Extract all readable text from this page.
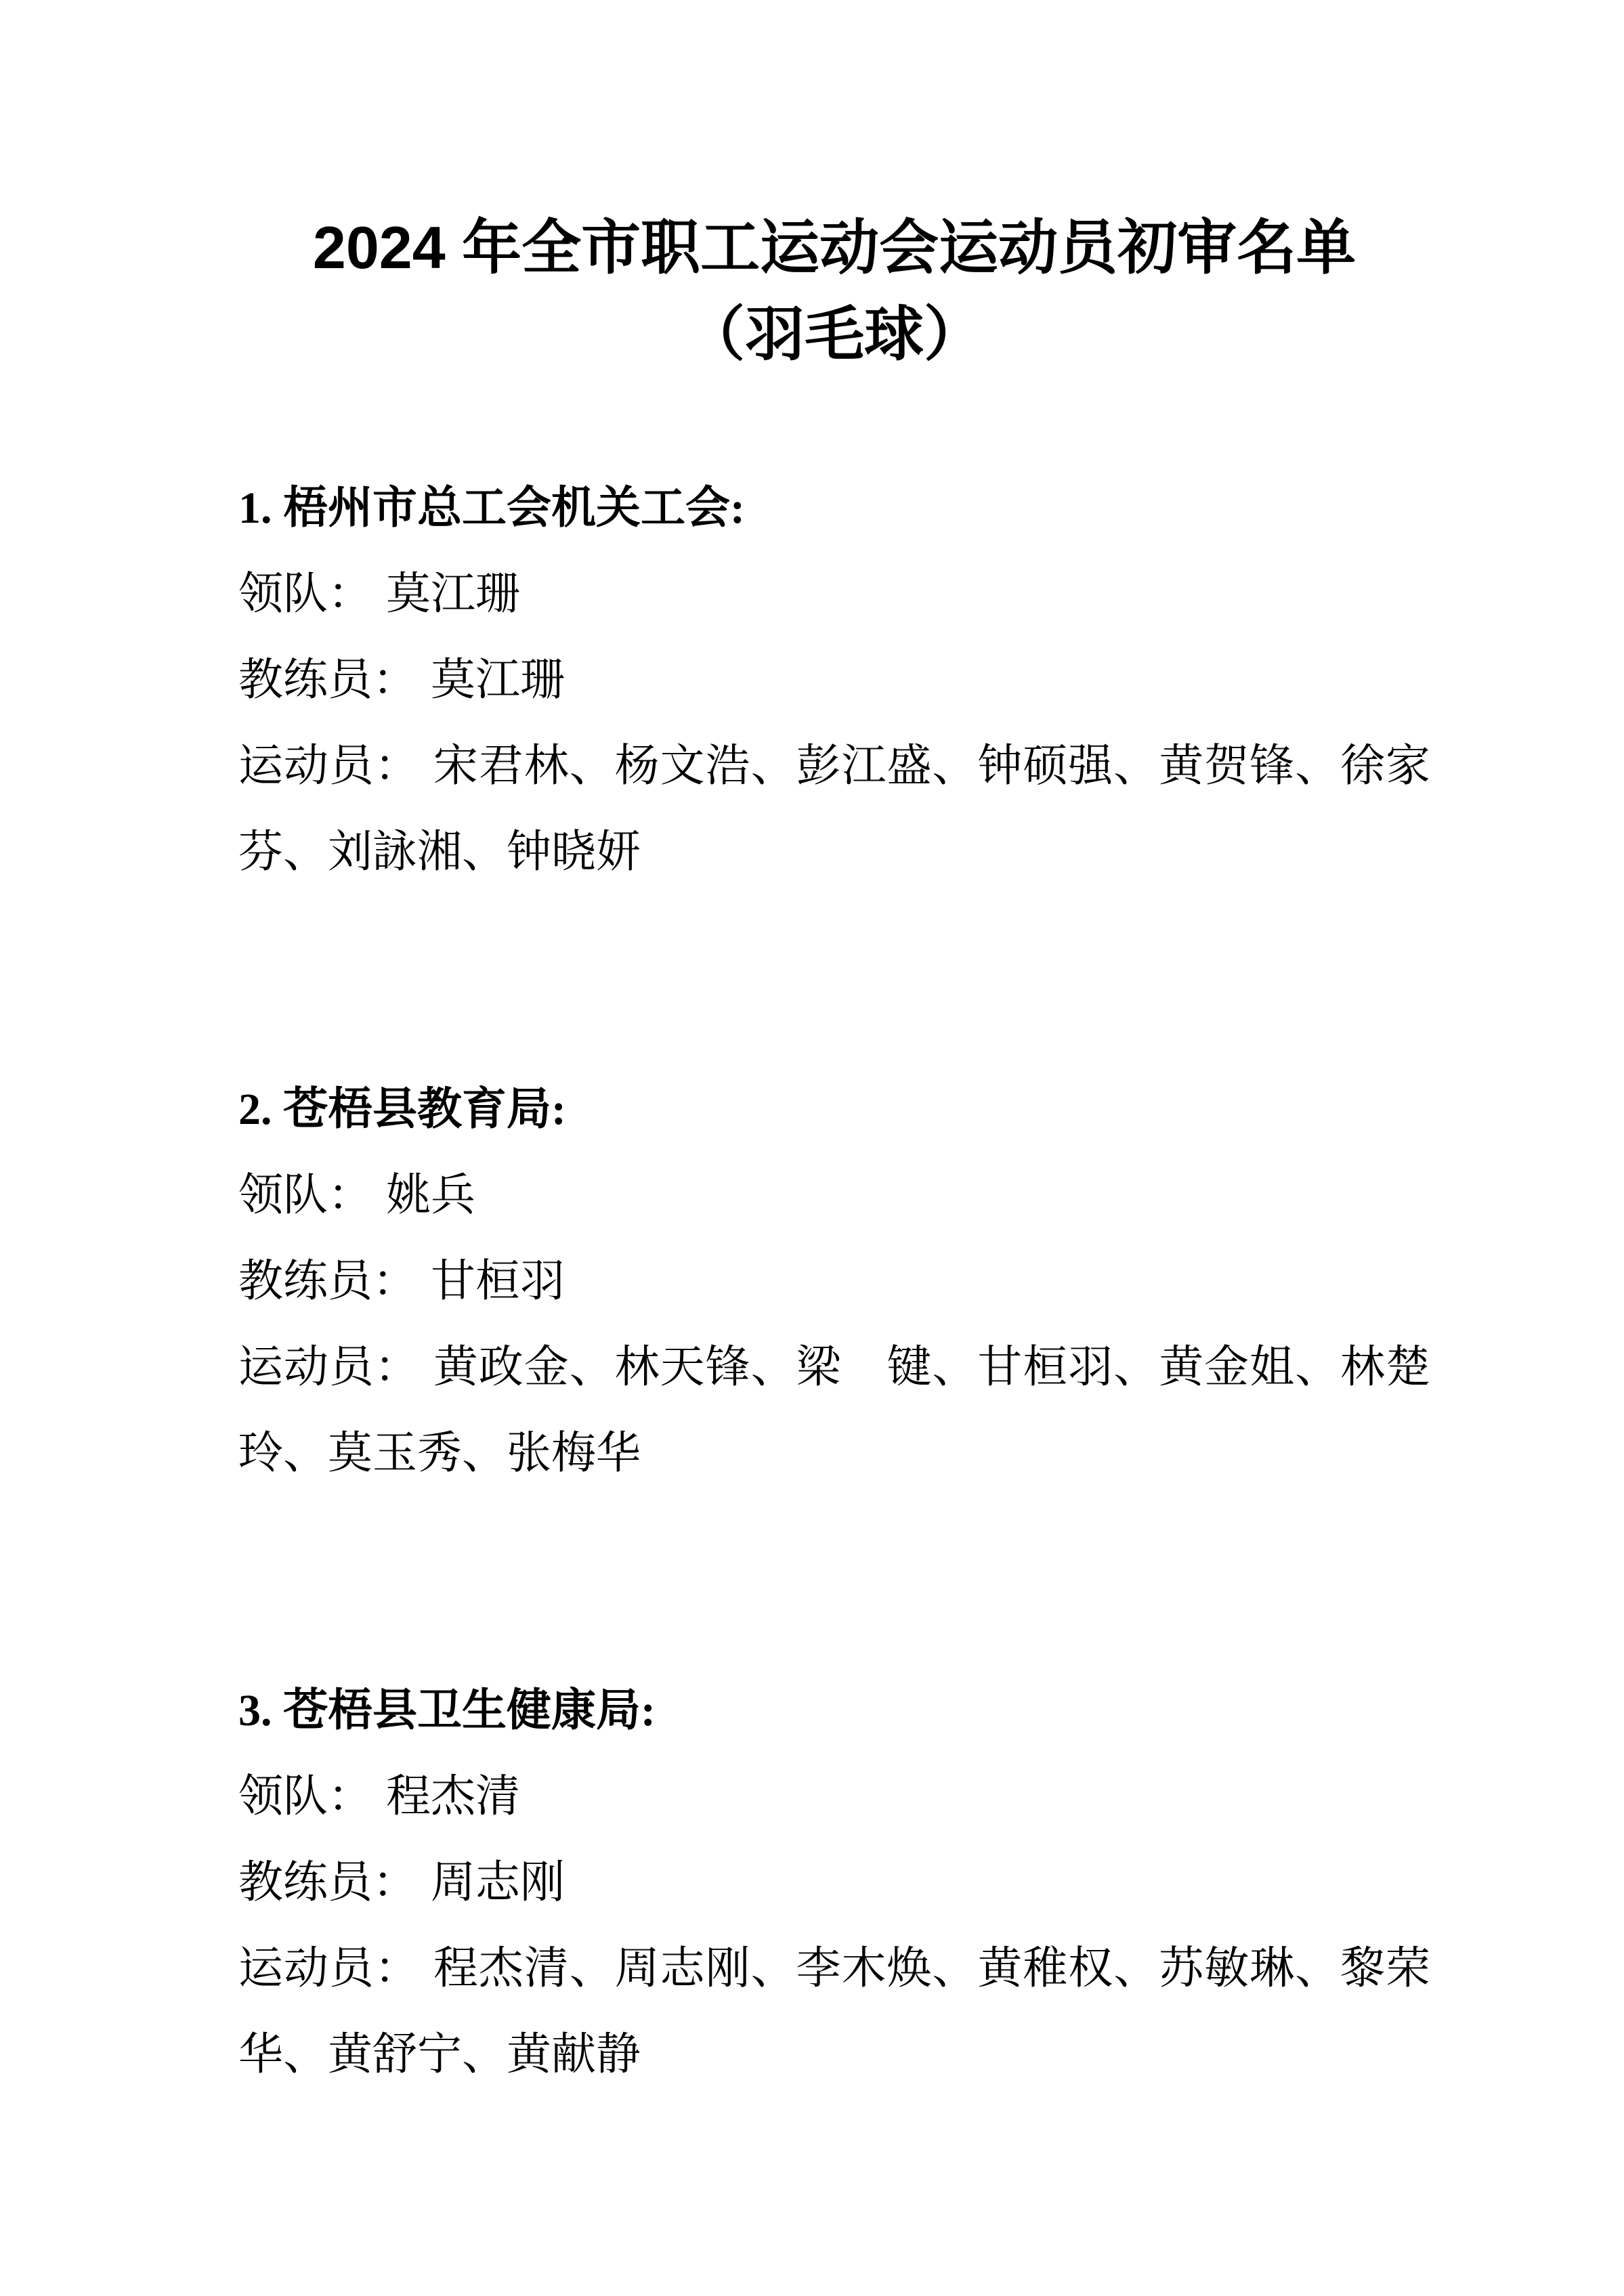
2024 年全市职工运动会运动员初审名单
（羽毛球）

1. 梧州市总工会机关工会:

领队： 莫江珊

教练员： 莫江珊

运动员： 宋君林、杨文浩、彭江盛、钟硕强、黄贺锋、徐家芬、刘詠湘、钟晓妍

2. 苍梧县教育局:

领队： 姚兵

教练员： 甘桓羽

运动员： 黄政金、林天锋、梁　键、甘桓羽、黄金姐、林楚玲、莫玉秀、张梅华

3. 苍梧县卫生健康局:

领队： 程杰清

教练员： 周志刚

运动员： 程杰清、周志刚、李木焕、黄稚权、苏敏琳、黎荣华、黄舒宁、黄献静
